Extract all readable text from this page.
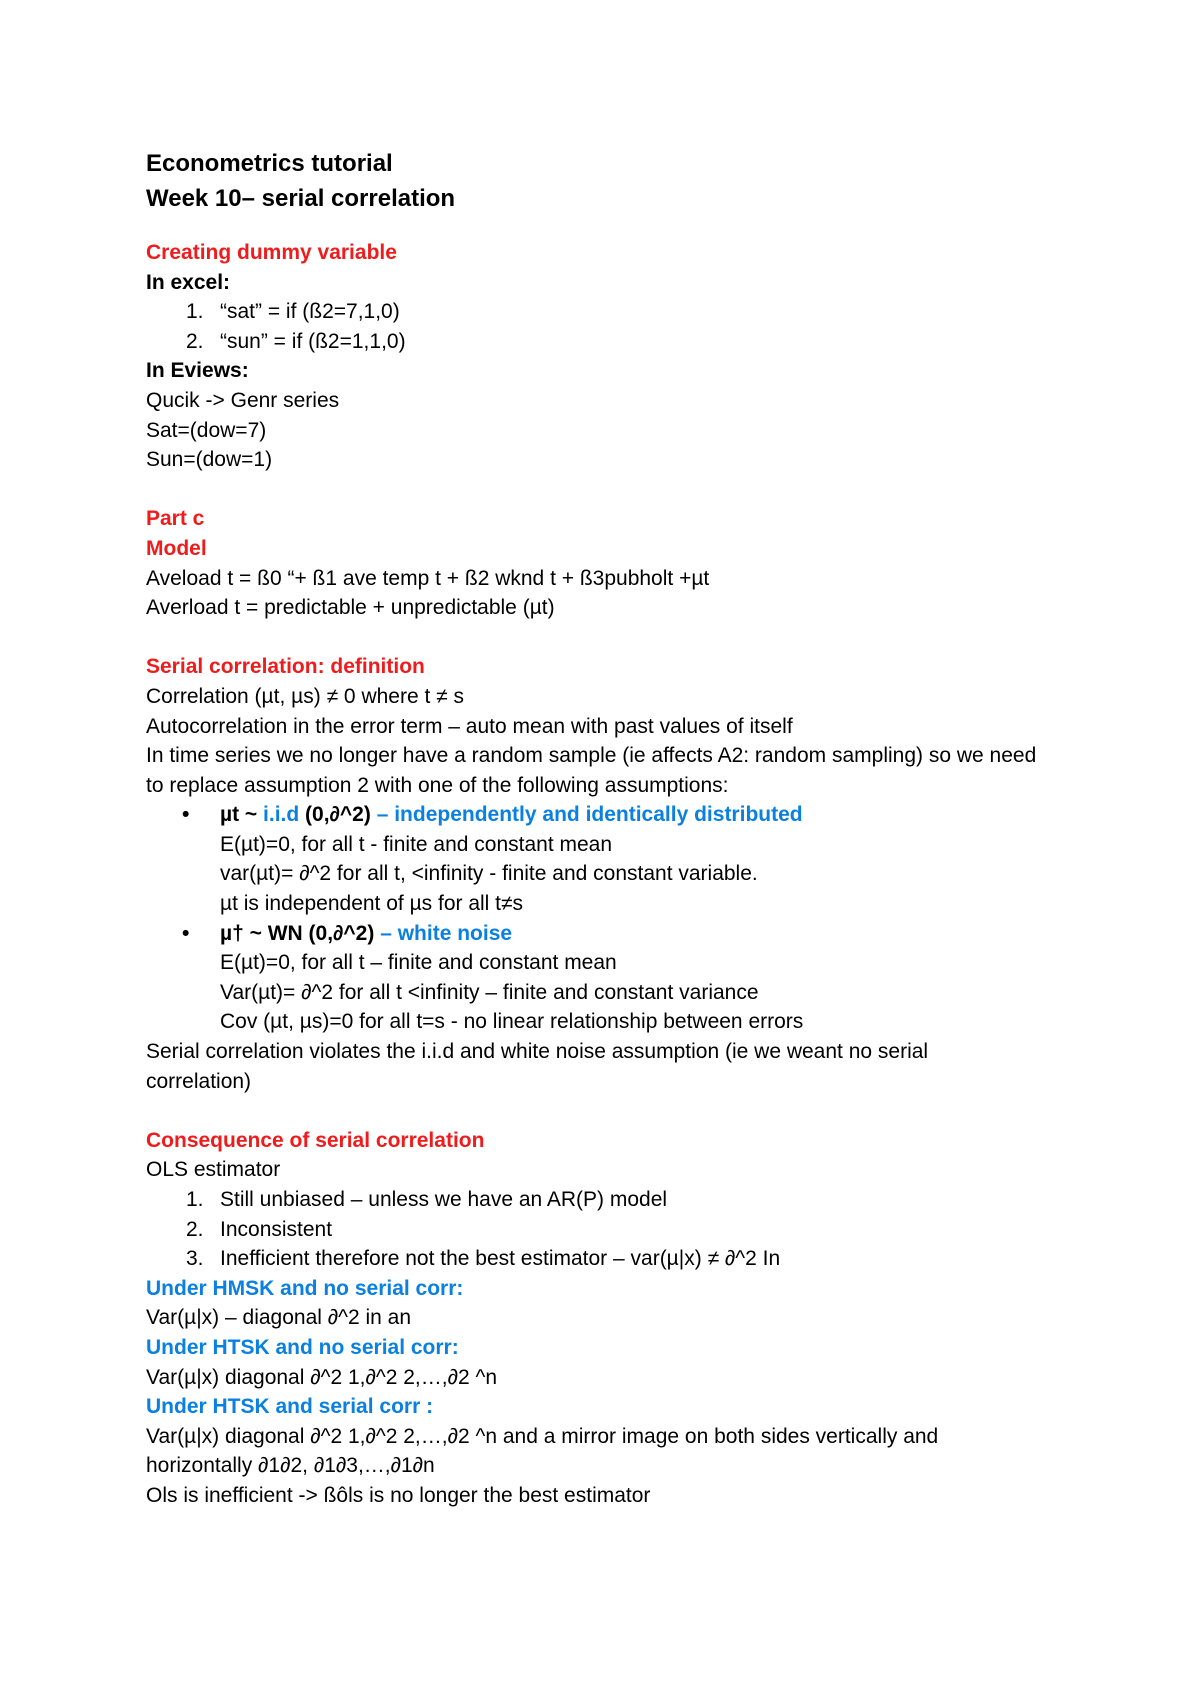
Econometrics tutorial
Week 10– serial correlation
Creating dummy variable
In excel:
1. “sat” = if (ß2=7,1,0)
2. “sun” = if (ß2=1,1,0)
In Eviews:
Qucik -> Genr series
Sat=(dow=7)
Sun=(dow=1)
Part c
Model
Aveload t = ß0 “+ ß1 ave temp t + ß2 wknd t + ß3pubholt +µt
Averload t = predictable + unpredictable (µt)
Serial correlation: definition
Correlation (µt, µs) ≠ 0 where t ≠ s
Autocorrelation in the error term – auto mean with past values of itself
In time series we no longer have a random sample (ie affects A2: random sampling) so we need to replace assumption 2 with one of the following assumptions:
• µt ~ i.i.d (0,∂^2) – independently and identically distributed
E(µt)=0, for all t - finite and constant mean
var(µt)= ∂^2 for all t, <infinity - finite and constant variable.
µt is independent of µs for all t≠s
• µ† ~ WN (0,∂^2) – white noise
E(µt)=0, for all t – finite and constant mean
Var(µt)= ∂^2 for all t <infinity – finite and constant variance
Cov (µt, µs)=0 for all t=s - no linear relationship between errors
Serial correlation violates the i.i.d and white noise assumption (ie we weant no serial correlation)
Consequence of serial correlation
OLS estimator
1. Still unbiased – unless we have an AR(P) model
2. Inconsistent
3. Inefficient therefore not the best estimator – var(µ|x) ≠ ∂^2 In
Under HMSK and no serial corr:
Var(µ|x) – diagonal ∂^2 in an
Under HTSK and no serial corr:
Var(µ|x) diagonal ∂^2 1,∂^2 2,…,∂2 ^n
Under HTSK and serial corr :
Var(µ|x) diagonal ∂^2 1,∂^2 2,…,∂2 ^n and a mirror image on both sides vertically and horizontally ∂1∂2, ∂1∂3,…,∂1∂n
Ols is inefficient -> ßôls is no longer the best estimator
